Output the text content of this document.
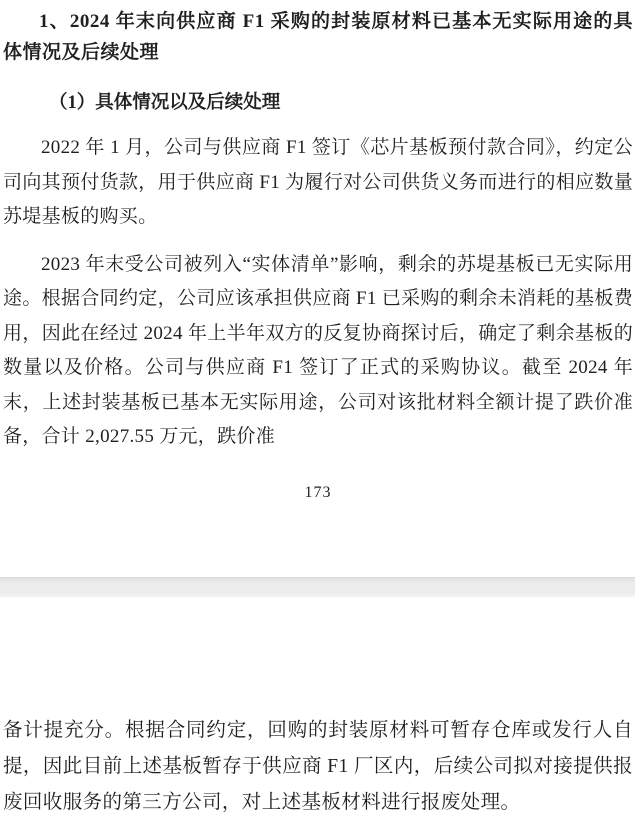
1、2024 年末向供应商 F1 采购的封装原材料已基本无实际用途的具体情况及后续处理
（1）具体情况以及后续处理

2022 年 1 月，公司与供应商 F1 签订《芯片基板预付款合同》，约定公司向其预付货款，用于供应商 F1 为履行对公司供货义务而进行的相应数量苏堤基板的购买。

2023 年末受公司被列入“实体清单”影响，剩余的苏堤基板已无实际用途。根据合同约定，公司应该承担供应商 F1 已采购的剩余未消耗的基板费用，因此在经过 2024 年上半年双方的反复协商探讨后，确定了剩余基板的数量以及价格。公司与供应商 F1 签订了正式的采购协议。截至 2024 年末，上述封装基板已基本无实际用途，公司对该批材料全额计提了跌价准备，合计 2,027.55 万元，跌价准

173

备计提充分。根据合同约定，回购的封装原材料可暂存仓库或发行人自提，因此目前上述基板暂存于供应商 F1 厂区内，后续公司拟对接提供报废回收服务的第三方公司，对上述基板材料进行报废处理。
